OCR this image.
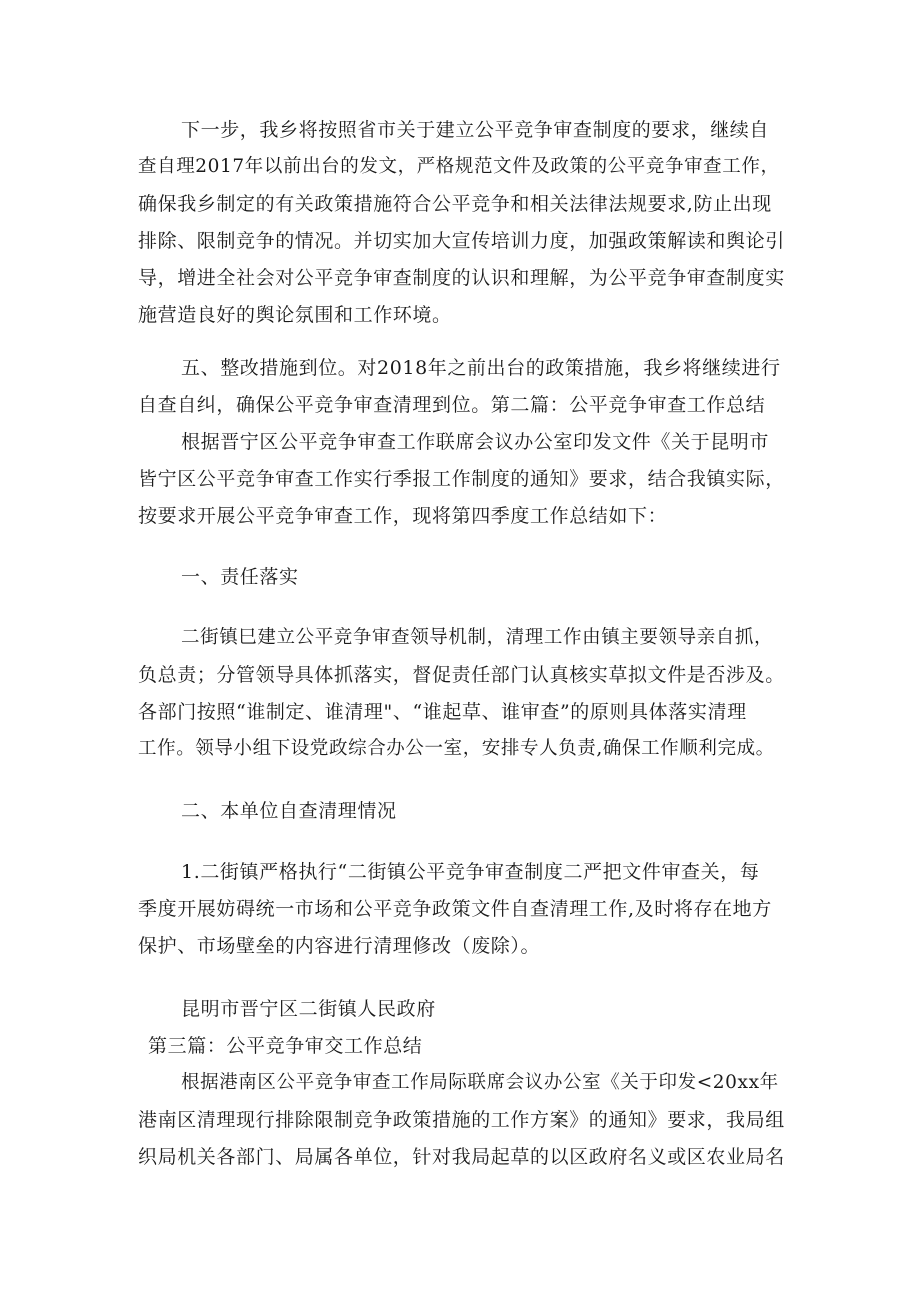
下一步，我乡将按照省市关于建立公平竞争审查制度的要求，继续自
查自理2017年以前出台的发文，严格规范文件及政策的公平竞争审查工作，
确保我乡制定的有关政策措施符合公平竞争和相关法律法规要求,防止出现
排除、限制竞争的情况。并切实加大宣传培训力度，加强政策解读和舆论引
导，增进全社会对公平竞争审查制度的认识和理解，为公平竞争审查制度实
施营造良好的舆论氛围和工作环境。
五、整改措施到位。对2018年之前出台的政策措施，我乡将继续进行
自查自纠，确保公平竞争审查清理到位。第二篇：公平竞争审查工作总结
根据晋宁区公平竞争审查工作联席会议办公室印发文件《关于昆明市
皆宁区公平竞争审查工作实行季报工作制度的通知》要求，结合我镇实际，
按要求开展公平竞争审查工作，现将第四季度工作总结如下：
一、责任落实
二街镇巳建立公平竞争审查领导机制，清理工作由镇主要领导亲自抓，
负总责；分管领导具体抓落实，督促责任部门认真核实草拟文件是否涉及。
各部门按照“谁制定、谁清理"、“谁起草、谁审查”的原则具体落实清理
工作。领导小组下设党政综合办公一室，安排专人负责,确保工作顺利完成。
二、本单位自查清理情况
1.二街镇严格执行“二街镇公平竞争审查制度二严把文件审查关，每
季度开展妨碍统一市场和公平竞争政策文件自查清理工作,及时将存在地方
保护、市场壁垒的内容进行清理修改（废除）。
昆明市晋宁区二街镇人民政府
第三篇：公平竞争审交工作总结
根据港南区公平竞争审查工作局际联席会议办公室《关于印发<20xx年
港南区清理现行排除限制竞争政策措施的工作方案》的通知》要求，我局组
织局机关各部门、局属各单位，针对我局起草的以区政府名义或区农业局名
